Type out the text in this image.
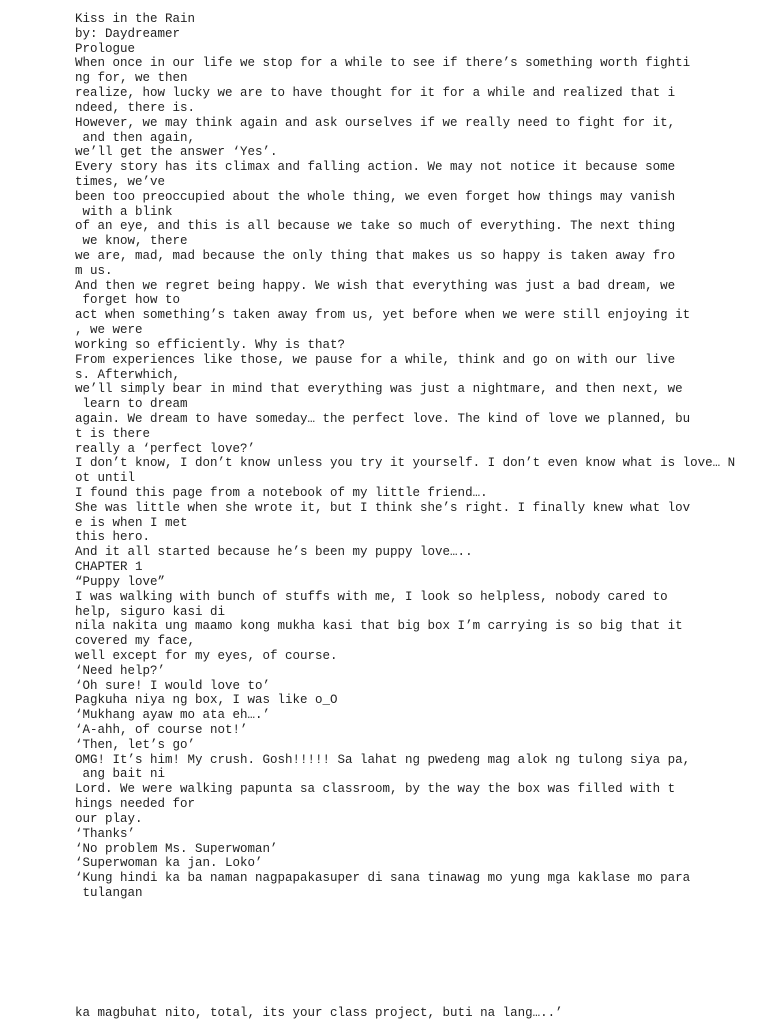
Kiss in the Rain
by: Daydreamer
Prologue
When once in our life we stop for a while to see if there’s something worth fighti
ng for, we then
realize, how lucky we are to have thought for it for a while and realized that i
ndeed, there is.
However, we may think again and ask ourselves if we really need to fight for it,
and then again,
we’ll get the answer ‘Yes’.
Every story has its climax and falling action. We may not notice it because some
times, we’ve
been too preoccupied about the whole thing, we even forget how things may vanish
with a blink
of an eye, and this is all because we take so much of everything. The next thing
we know, there
we are, mad, mad because the only thing that makes us so happy is taken away fro
m us.
And then we regret being happy. We wish that everything was just a bad dream, we
forget how to
act when something’s taken away from us, yet before when we were still enjoying it
, we were
working so efficiently. Why is that?
From experiences like those, we pause for a while, think and go on with our live
s. Afterwhich,
we’ll simply bear in mind that everything was just a nightmare, and then next, we
learn to dream
again. We dream to have someday… the perfect love. The kind of love we planned, bu
t is there
really a ‘perfect love?’
I don’t know, I don’t know unless you try it yourself. I don’t even know what is love… N
ot until
I found this page from a notebook of my little friend….
She was little when she wrote it, but I think she’s right. I finally knew what lov
e is when I met
this hero.
And it all started because he’s been my puppy love…..
CHAPTER 1
“Puppy love”
I was walking with bunch of stuffs with me, I look so helpless, nobody cared to
help, siguro kasi di
nila nakita ung maamo kong mukha kasi that big box I’m carrying is so big that it
covered my face,
well except for my eyes, of course.
‘Need help?’
‘Oh sure! I would love to’
Pagkuha niya ng box, I was like o_O
‘Mukhang ayaw mo ata eh….’
‘A-ahh, of course not!’
‘Then, let’s go’
OMG! It’s him! My crush. Gosh!!!!! Sa lahat ng pwedeng mag alok ng tulong siya pa,
ang bait ni
Lord. We were walking papunta sa classroom, by the way the box was filled with t
hings needed for
our play.
‘Thanks’
‘No problem Ms. Superwoman’
‘Superwoman ka jan. Loko’
‘Kung hindi ka ba naman nagpapakasuper di sana tinawag mo yung mga kaklase mo para
tulangan
ka magbuhat nito, total, its your class project, buti na lang…..’
